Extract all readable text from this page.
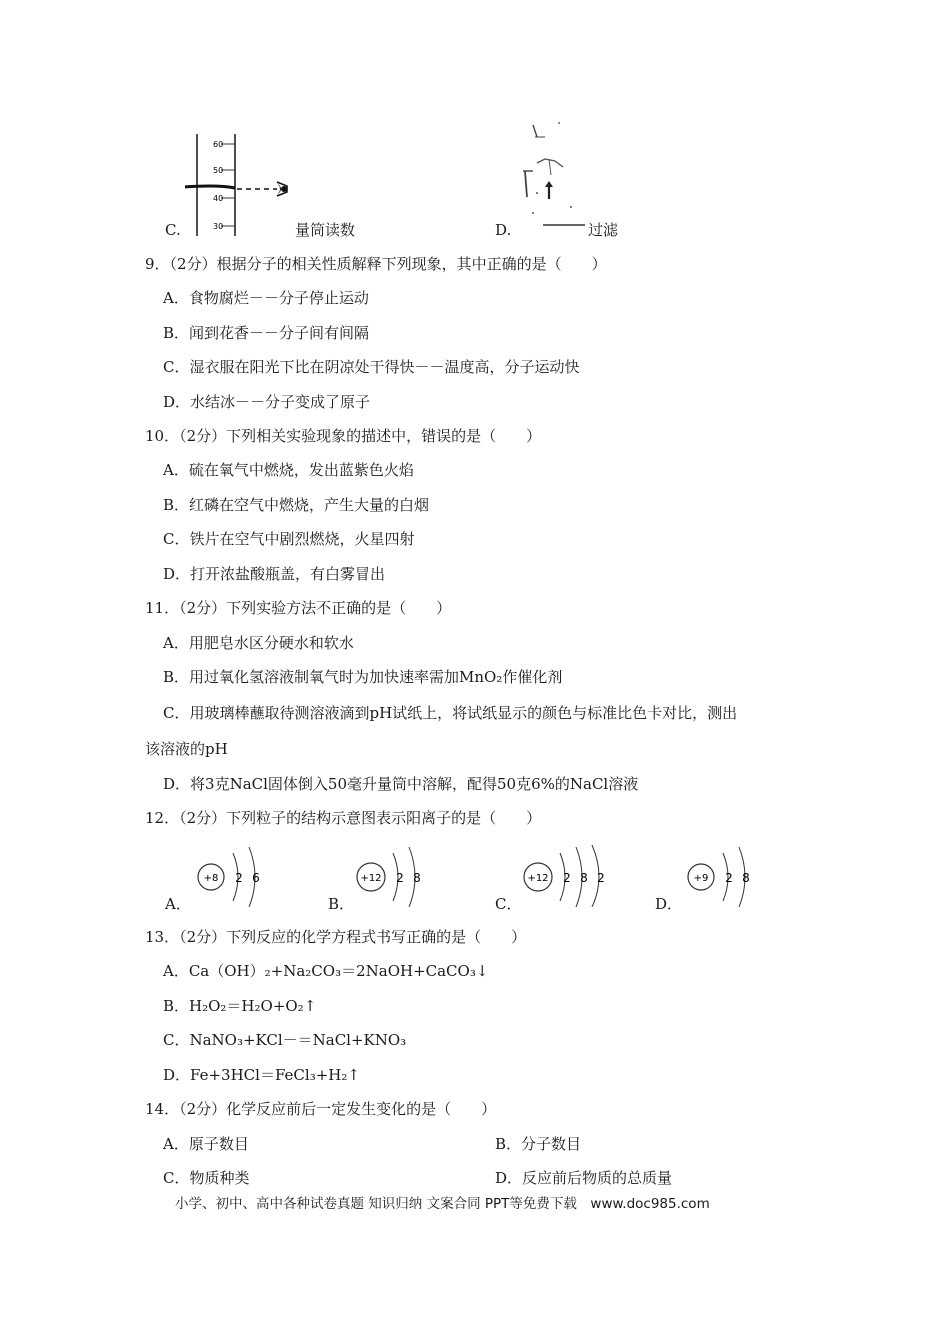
60
50
40
30
C.	量筒读数	D.	过滤
9．（2分）根据分子的相关性质解释下列现象，其中正确的是（　　）
A．食物腐烂－－分子停止运动
B．闻到花香－－分子间有间隔
C．湿衣服在阳光下比在阴凉处干得快－－温度高，分子运动快
D．水结冰－－分子变成了原子
10．（2分）下列相关实验现象的描述中，错误的是（　　）
A．硫在氧气中燃烧，发出蓝紫色火焰
B．红磷在空气中燃烧，产生大量的白烟
C．铁片在空气中剧烈燃烧，火星四射
D．打开浓盐酸瓶盖，有白雾冒出
11．（2分）下列实验方法不正确的是（　　）
A．用肥皂水区分硬水和软水
B．用过氧化氢溶液制氧气时为加快速率需加MnO₂作催化剂
C．用玻璃棒蘸取待测溶液滴到pH试纸上，将试纸显示的颜色与标准比色卡对比，测出
该溶液的pH
D．将3克NaCl固体倒入50毫升量筒中溶解，配得50克6%的NaCl溶液
12．（2分）下列粒子的结构示意图表示阳离子的是（　　）
+8 2 6	+12 2 8	+12 2 8 2	+9 2 8
A．	B．	C．	D．
13．（2分）下列反应的化学方程式书写正确的是（　　）
A．Ca（OH）₂+Na₂CO₃＝2NaOH+CaCO₃↓
B．H₂O₂＝H₂O+O₂↑
C．NaNO₃+KCl－＝NaCl+KNO₃
D．Fe+3HCl＝FeCl₃+H₂↑
14．（2分）化学反应前后一定发生变化的是（　　）
A．原子数目	B．分子数目
C．物质种类	D．反应前后物质的总质量
小学、初中、高中各种试卷真题 知识归纳 文案合同 PPT等免费下载　www.doc985.com
